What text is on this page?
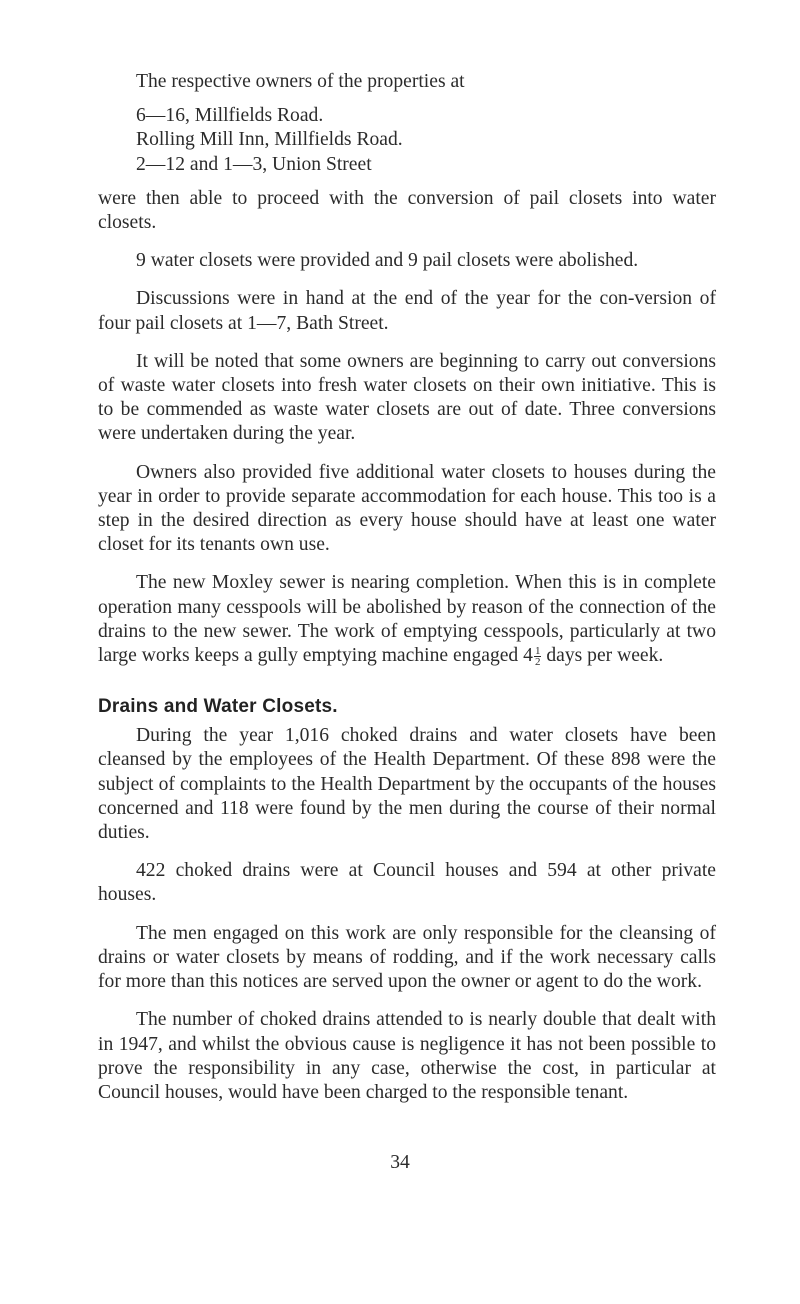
The respective owners of the properties at

6—16, Millfields Road.
Rolling Mill Inn, Millfields Road.
2—12 and 1—3, Union Street

were then able to proceed with the conversion of pail closets into water closets.

9 water closets were provided and 9 pail closets were abolished.

Discussions were in hand at the end of the year for the con-version of four pail closets at 1—7, Bath Street.

It will be noted that some owners are beginning to carry out conversions of waste water closets into fresh water closets on their own initiative. This is to be commended as waste water closets are out of date. Three conversions were undertaken during the year.

Owners also provided five additional water closets to houses during the year in order to provide separate accommodation for each house. This too is a step in the desired direction as every house should have at least one water closet for its tenants own use.

The new Moxley sewer is nearing completion. When this is in complete operation many cesspools will be abolished by reason of the connection of the drains to the new sewer. The work of emptying cesspools, particularly at two large works keeps a gully emptying machine engaged $4 \frac{1}{2}$ days per week.

Drains and Water Closets.

During the year 1,016 choked drains and water closets have been cleansed by the employees of the Health Department. Of these 898 were the subject of complaints to the Health Department by the occupants of the houses concerned and 118 were found by the men during the course of their normal duties.

422 choked drains were at Council houses and 594 at other private houses.

The men engaged on this work are only responsible for the cleansing of drains or water closets by means of rodding, and if the work necessary calls for more than this notices are served upon the owner or agent to do the work.

The number of choked drains attended to is nearly double that dealt with in 1947, and whilst the obvious cause is negligence it has not been possible to prove the responsibility in any case, otherwise the cost, in particular at Council houses, would have been charged to the responsible tenant.

34
